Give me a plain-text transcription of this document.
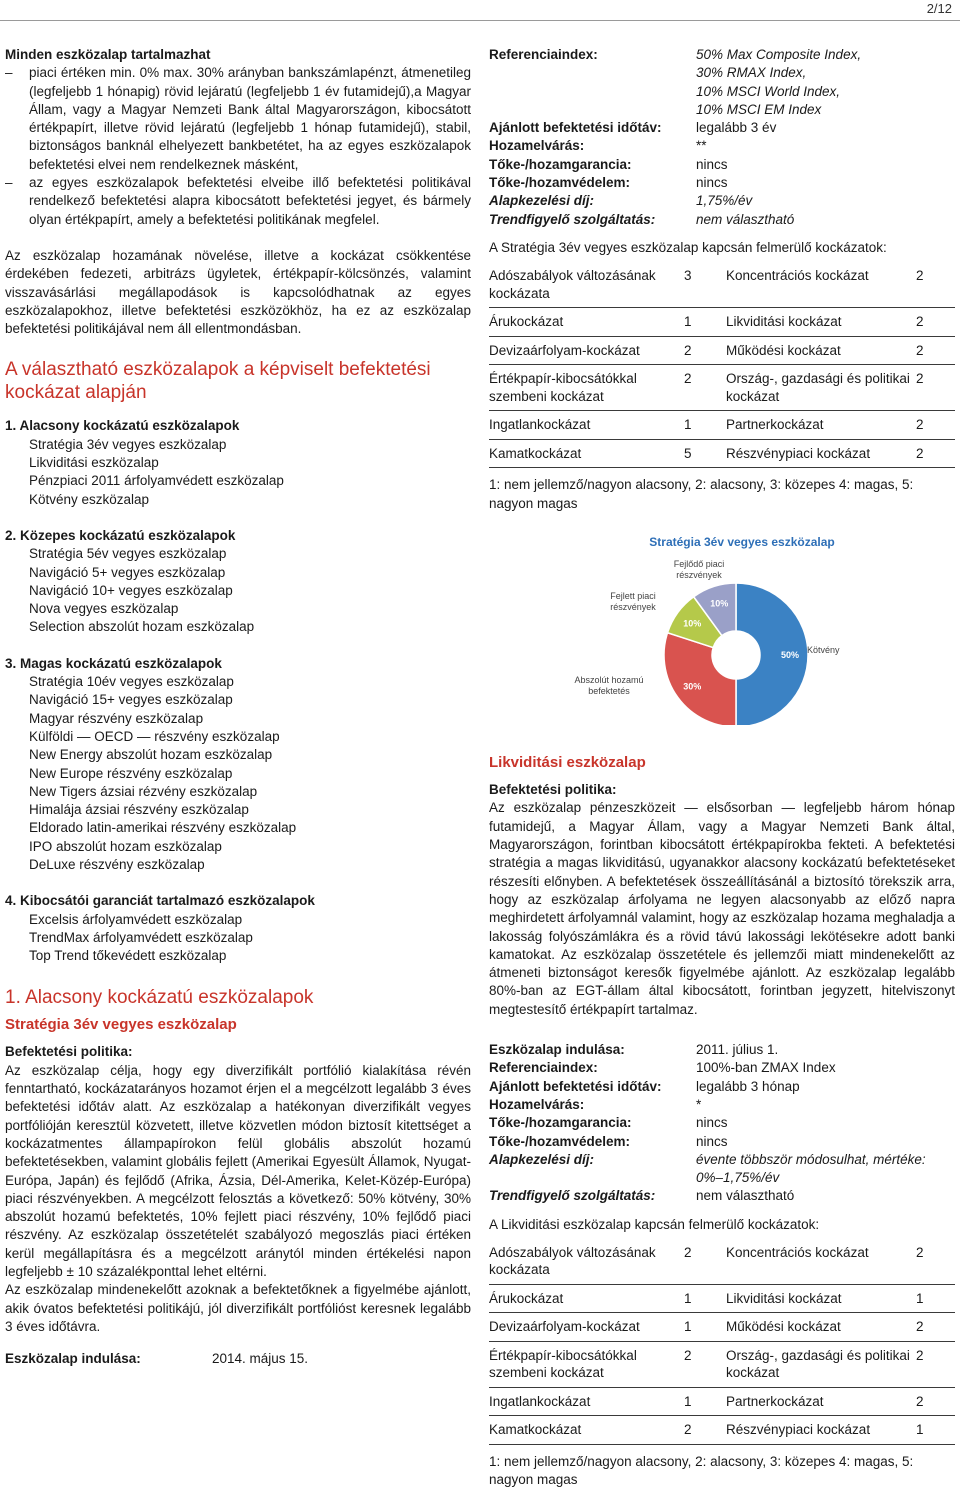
2/12
Minden eszközalap tartalmazhat
–	piaci értéken min. 0% max. 30% arányban bankszámlapénzt, átmenetileg (legfeljebb 1 hónapig) rövid lejáratú (legfeljebb 1 év futamidejű),a Magyar Állam, vagy a Magyar Nemzeti Bank által Magyarországon, kibocsátott értékpapírt, illetve rövid lejáratú (legfeljebb 1 hónap futamidejű), stabil, biztonságos banknál elhelyezett bankbetétet, ha az egyes eszközalapok befektetési elvei nem rendelkeznek másként,
–	az egyes eszközalapok befektetési elveibe illő befektetési politikával rendelkező befektetési alapra kibocsátott befektetési jegyet, és bármely olyan értékpapírt, amely a befektetési politikának megfelel.

Az eszközalap hozamának növelése, illetve a kockázat csökkentése érdekében fedezeti, arbitrázs ügyletek, értékpapír-kölcsönzés, valamint visszavásárlási megállapodások is kapcsolódhatnak az egyes eszközalapokhoz, illetve befektetési eszközökhöz, ha ez az eszközalap befektetési politikájával nem áll ellentmondásban.

A választható eszközalapok a képviselt befektetési kockázat alapján
1. Alacsony kockázatú eszközalapok
Stratégia 3év vegyes eszközalap
Likviditási eszközalap
Pénzpiaci 2011 árfolyamvédett eszközalap
Kötvény eszközalap
2. Közepes kockázatú eszközalapok
Stratégia 5év vegyes eszközalap
Navigáció 5+ vegyes eszközalap
Navigáció 10+ vegyes eszközalap
Nova vegyes eszközalap
Selection abszolút hozam eszközalap
3. Magas kockázatú eszközalapok
Stratégia 10év vegyes eszközalap
Navigáció 15+ vegyes eszközalap
Magyar részvény eszközalap
Külföldi — OECD — részvény eszközalap
New Energy abszolút hozam eszközalap
New Europe részvény eszközalap
New Tigers ázsiai rézvény eszközalap
Himalája ázsiai részvény eszközalap
Eldorado latin-amerikai részvény eszközalap
IPO abszolút hozam eszközalap
DeLuxe részvény eszközalap
4. Kibocsátói garanciát tartalmazó eszközalapok
Excelsis árfolyamvédett eszközalap
TrendMax árfolyamvédett eszközalap
Top Trend tőkevédett eszközalap
1. Alacsony kockázatú eszközalapok
Stratégia 3év vegyes eszközalap
Befektetési politika:

Az eszközalap célja, hogy egy diverzifikált portfólió kialakítása révén fenntartható, kockázatarányos hozamot érjen el a megcélzott legalább 3 éves befektetési időtáv alatt. Az eszközalap a hatékonyan diverzifikált vegyes portfólióján keresztül közvetett, illetve közvetlen módon biztosít kitettséget a kockázatmentes állampapírokon felül globális abszolút hozamú befektetésekben, valamint globális fejlett (Amerikai Egyesült Államok, Nyugat-Európa, Japán) és fejlődő (Afrika, Ázsia, Dél-Amerika, Kelet-Közép-Európa) piaci részvényekben. A megcélzott felosztás a következő: 50% kötvény, 30% abszolút hozamú befektetés, 10% fejlett piaci részvény, 10% fejlődő piaci részvény. Az eszközalap összetételét szabályozó megoszlás piaci értéken kerül megállapításra és a megcélzott aránytól minden értékelési napon legfeljebb ± 10 százalékponttal lehet eltérni.

Az eszközalap mindenekelőtt azoknak a befektetőknek a figyelmébe ajánlott, akik óvatos befektetési politikájú, jól diverzifikált portfólióst keresnek legalább 3 éves időtávra.

Eszközalap indulása:	2014. május 15.
Referenciaindex:	50% Max Composite Index,
	30% RMAX Index,
	10% MSCI World Index,
	10% MSCI EM Index
Ajánlott befektetési időtáv:	legalább 3 év
Hozamelvárás:	**
Tőke-/hozamgarancia:	nincs
Tőke-/hozamvédelem:	nincs
Alapkezelési díj:	1,75%/év
Trendfigyelő szolgáltatás:	nem választható
A Stratégia 3év vegyes eszközalap kapcsán felmerülő kockázatok:
Adószabályok változásának kockázata	3	Koncentrációs kockázat	2
Árukockázat	1	Likviditási kockázat	2
Devizaárfolyam-kockázat	2	Működési kockázat	2
Értékpapír-kibocsátókkal szembeni kockázat	2	Ország-, gazdasági és politikai kockázat	2
Ingatlankockázat	1	Partnerkockázat	2
Kamatkockázat	5	Részvénypiaci kockázat	2
1: nem jellemző/nagyon alacsony, 2: alacsony, 3: közepes 4: magas, 5: nagyon magas
Stratégia 3év vegyes eszközalap
50% Kötvény
30%
Abszolút hozamú befektetés
10%
Fejlett piaci részvények	10%
Fejlődő piaci részvények
Likviditási eszközalap
Befektetési politika:

Az eszközalap pénzeszközeit — elsősorban — legfeljebb három hónap futamidejű, a Magyar Állam, vagy a Magyar Nemzeti Bank által, Magyarországon, forintban kibocsátott értékpapírokba fekteti. A befektetési stratégia a magas likviditású, ugyanakkor alacsony kockázatú befektetéseket részesíti előnyben. A befektetések összeállításánál a biztosító törekszik arra, hogy az eszközalap árfolyama ne legyen alacsonyabb az előző napra meghirdetett árfolyamnál valamint, hogy az eszközalap hozama meghaladja a lakosság folyószámlákra és a rövid távú lakossági lekötésekre adott banki kamatokat. Az eszközalap összetétele és jellemzői miatt mindenekelőtt az átmeneti biztonságot keresők figyelmébe ajánlott. Az eszközalap legalább 80%-ban az EGT-állam által kibocsátott, forintban jegyzett, hitelviszonyt megtestesítő értékpapírt tartalmaz.

Eszközalap indulása:	2011. július 1.
Referenciaindex:	100%-ban ZMAX Index
Ajánlott befektetési időtáv:	legalább 3 hónap
Hozamelvárás:	*
Tőke-/hozamgarancia:	nincs
Tőke-/hozamvédelem:	nincs
Alapkezelési díj:	évente többször módosulhat, mértéke: 0%–1,75%/év
Trendfigyelő szolgáltatás:	nem választható
A Likviditási eszközalap kapcsán felmerülő kockázatok:
Adószabályok változásának kockázata	2	Koncentrációs kockázat	2
Árukockázat	1	Likviditási kockázat	1
Devizaárfolyam-kockázat	1	Működési kockázat	2
Értékpapír-kibocsátókkal szembeni kockázat	2	Ország-, gazdasági és politikai kockázat	2
Ingatlankockázat	1	Partnerkockázat	2
Kamatkockázat	2	Részvénypiaci kockázat	1
1: nem jellemző/nagyon alacsony, 2: alacsony, 3: közepes 4: magas, 5: nagyon magas
